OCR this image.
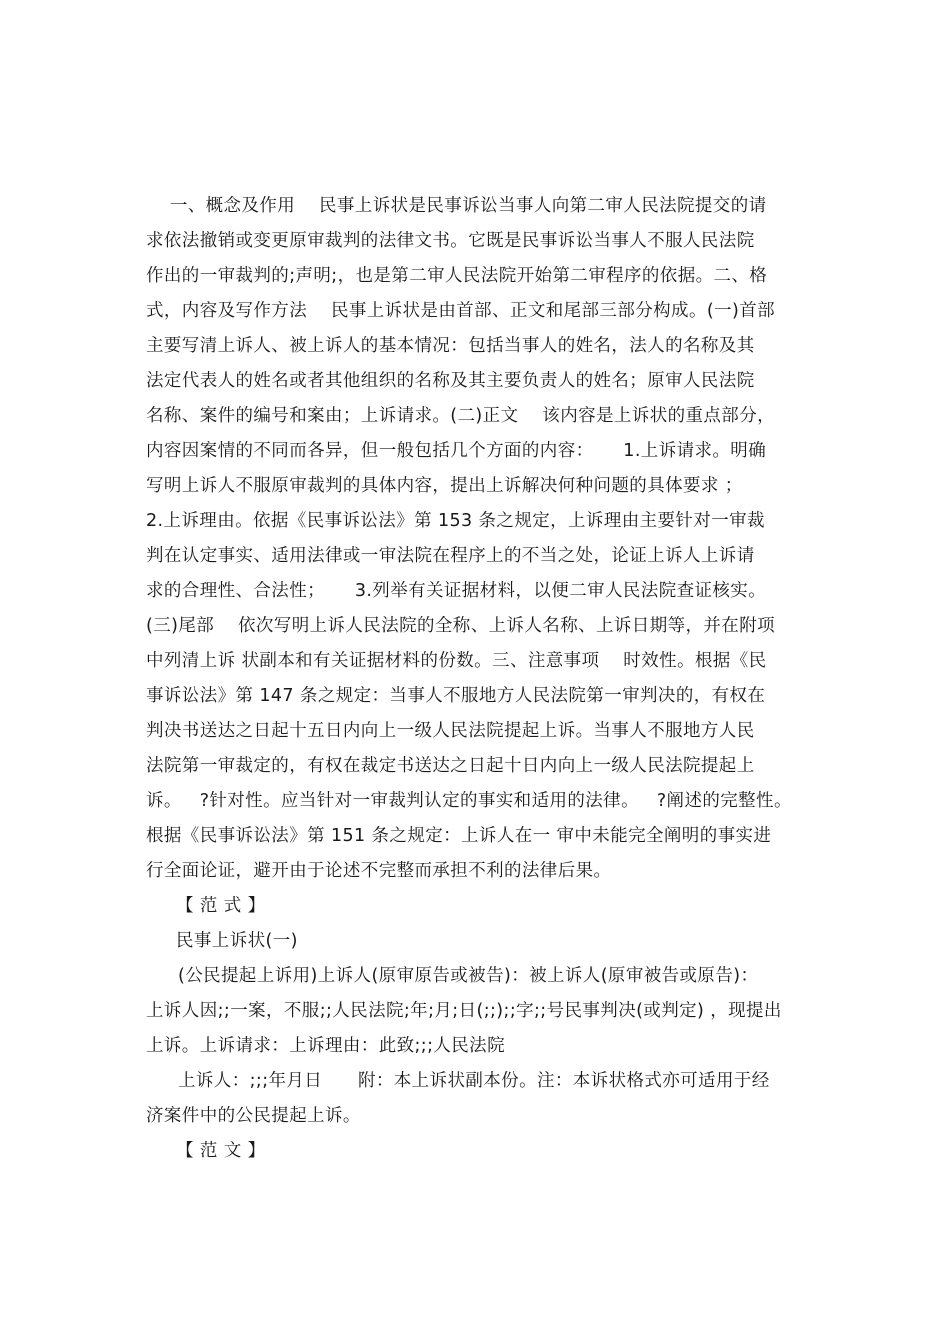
一、概念及作用    民事上诉状是民事诉讼当事人向第二审人民法院提交的请
求依法撤销或变更原审裁判的法律文书。它既是民事诉讼当事人不服人民法院
作出的一审裁判的;声明;，也是第二审人民法院开始第二审程序的依据。二、格
式，内容及写作方法    民事上诉状是由首部、正文和尾部三部分构成。(一)首部
主要写清上诉人、被上诉人的基本情况：包括当事人的姓名，法人的名称及其
法定代表人的姓名或者其他组织的名称及其主要负责人的姓名；原审人民法院
名称、案件的编号和案由；上诉请求。(二)正文    该内容是上诉状的重点部分，
内容因案情的不同而各异，但一般包括几个方面的内容：     1.上诉请求。明确
写明上诉人不服原审裁判的具体内容，提出上诉解决何种问题的具体要求 ；
2.上诉理由。依据《民事诉讼法》第 153 条之规定，上诉理由主要针对一审裁
判在认定事实、适用法律或一审法院在程序上的不当之处，论证上诉人上诉请
求的合理性、合法性；     3.列举有关证据材料，以便二审人民法院查证核实。
(三)尾部    依次写明上诉人民法院的全称、上诉人名称、上诉日期等，并在附项
中列清上诉 状副本和有关证据材料的份数。三、注意事项    时效性。根据《民
事诉讼法》第 147 条之规定：当事人不服地方人民法院第一审判决的，有权在
判决书送达之日起十五日内向上一级人民法院提起上诉。当事人不服地方人民
法院第一审裁定的，有权在裁定书送达之日起十日内向上一级人民法院提起上
诉。   ?针对性。应当针对一审裁判认定的事实和适用的法律。   ?阐述的完整性。
根据《民事诉讼法》第 151 条之规定：上诉人在一 审中未能完全阐明的事实进
行全面论证，避开由于论述不完整而承担不利的法律后果。
【 范 式 】
民事上诉状(一)
(公民提起上诉用)上诉人(原审原告或被告)：被上诉人(原审被告或原告)：
上诉人因;;一案，不服;;人民法院;年;月;日(;;);;字;;号民事判决(或判定) ，现提出
上诉。上诉请求：上诉理由：此致;;;人民法院
上诉人：;;;年月日      附：本上诉状副本份。注：本诉状格式亦可适用于经
济案件中的公民提起上诉。
【 范 文 】
